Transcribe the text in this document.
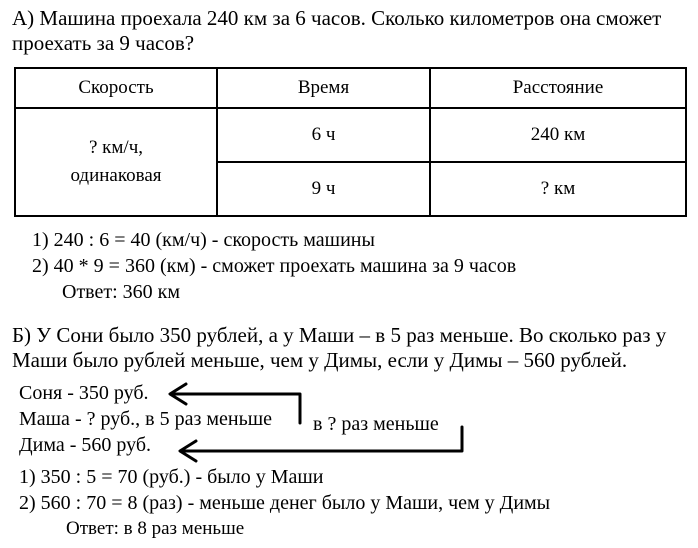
А) Машина проехала 240 км за 6 часов. Сколько километров она сможет
проехать за 9 часов?
Скорость	Время	Расстояние

? км/ч,
одинаковая	6 ч	240 км
	9 ч	? км
1) 240 : 6 = 40 (км/ч) - скорость машины
2) 40 * 9 = 360 (км) - сможет проехать машина за 9 часов
Ответ: 360 км
Б) У Сони было 350 рублей, а у Маши – в 5 раз меньше. Во сколько раз у
Маши было рублей меньше, чем у Димы, если у Димы – 560 рублей.
Соня - 350 руб.
Маша - ? руб., в 5 раз меньше
Дима - 560 руб.
в ? раз меньше
1) 350 : 5 = 70 (руб.) - было у Маши
2) 560 : 70 = 8 (раз) - меньше денег было у Маши, чем у Димы
Ответ: в 8 раз меньше
